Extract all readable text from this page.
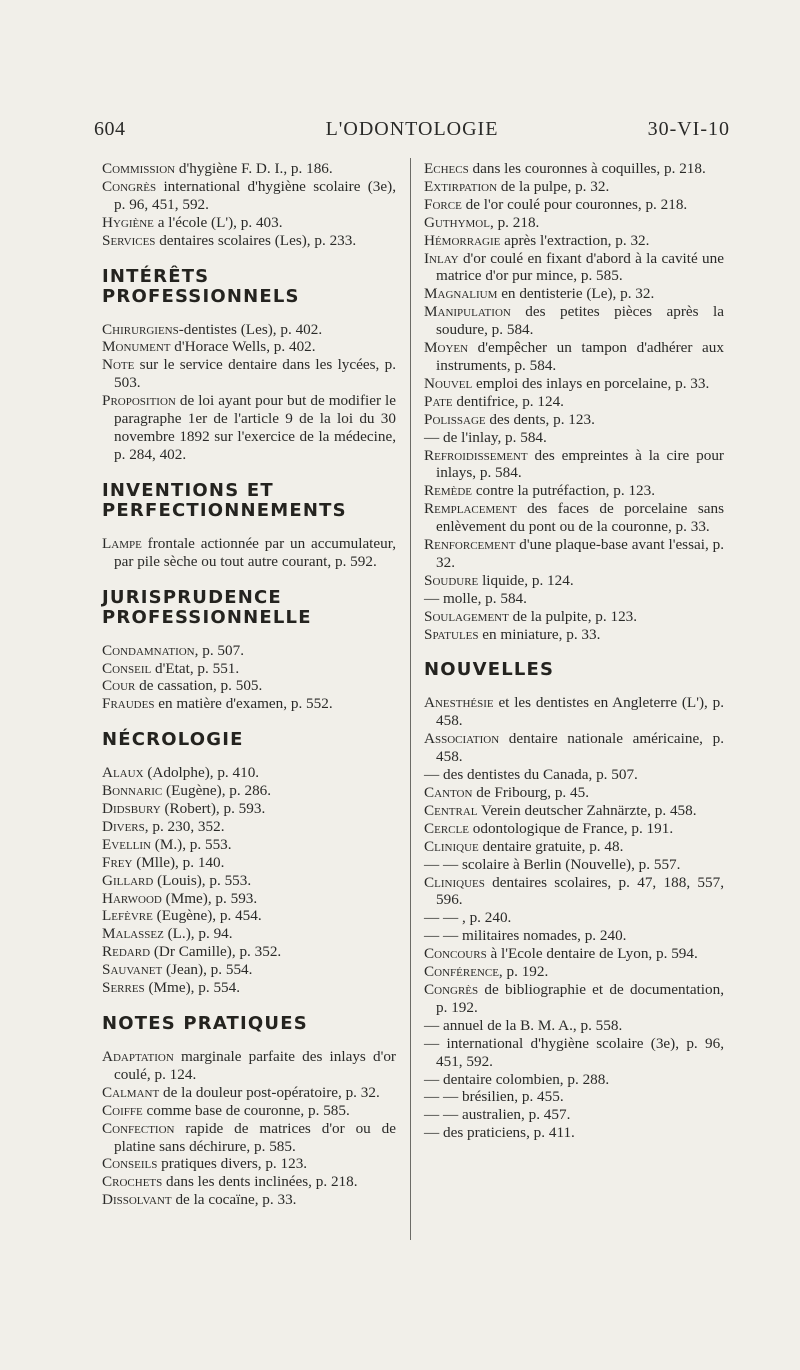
604	L'ODONTOLOGIE	30-VI-10

Commission d'hygiène F. D. I., p. 186.

Congrès international d'hygiène scolaire (3e), p. 96, 451, 592.

Hygiène a l'école (L'), p. 403.

Services dentaires scolaires (Les), p. 233.

INTÉRÊTS PROFESSIONNELS

Chirurgiens-dentistes (Les), p. 402.

Monument d'Horace Wells, p. 402.

Note sur le service dentaire dans les lycées, p. 503.

Proposition de loi ayant pour but de modifier le paragraphe 1er de l'article 9 de la loi du 30 novembre 1892 sur l'exercice de la médecine, p. 284, 402.

INVENTIONS ET PERFECTIONNEMENTS

Lampe frontale actionnée par un accumulateur, par pile sèche ou tout autre courant, p. 592.

JURISPRUDENCE PROFESSIONNELLE

Condamnation, p. 507.

Conseil d'Etat, p. 551.

Cour de cassation, p. 505.

Fraudes en matière d'examen, p. 552.

NÉCROLOGIE

Alaux (Adolphe), p. 410.

Bonnaric (Eugène), p. 286.

Didsbury (Robert), p. 593.

Divers, p. 230, 352.

Evellin (M.), p. 553.

Frey (Mlle), p. 140.

Gillard (Louis), p. 553.

Harwood (Mme), p. 593.

Lefèvre (Eugène), p. 454.

Malassez (L.), p. 94.

Redard (Dr Camille), p. 352.

Sauvanet (Jean), p. 554.

Serres (Mme), p. 554.

NOTES PRATIQUES

Adaptation marginale parfaite des inlays d'or coulé, p. 124.

Calmant de la douleur post-opératoire, p. 32.

Coiffe comme base de couronne, p. 585.

Confection rapide de matrices d'or ou de platine sans déchirure, p. 585.

Conseils pratiques divers, p. 123.

Crochets dans les dents inclinées, p. 218.

Dissolvant de la cocaïne, p. 33.

Echecs dans les couronnes à coquilles, p. 218.

Extirpation de la pulpe, p. 32.

Force de l'or coulé pour couronnes, p. 218.

Guthymol, p. 218.

Hémorragie après l'extraction, p. 32.

Inlay d'or coulé en fixant d'abord à la cavité une matrice d'or pur mince, p. 585.

Magnalium en dentisterie (Le), p. 32.

Manipulation des petites pièces après la soudure, p. 584.

Moyen d'empêcher un tampon d'adhérer aux instruments, p. 584.

Nouvel emploi des inlays en porcelaine, p. 33.

Pate dentifrice, p. 124.

Polissage des dents, p. 123.

— de l'inlay, p. 584.

Refroidissement des empreintes à la cire pour inlays, p. 584.

Remède contre la putréfaction, p. 123.

Remplacement des faces de porcelaine sans enlèvement du pont ou de la couronne, p. 33.

Renforcement d'une plaque-base avant l'essai, p. 32.

Soudure liquide, p. 124.

— molle, p. 584.

Soulagement de la pulpite, p. 123.

Spatules en miniature, p. 33.

NOUVELLES

Anesthésie et les dentistes en Angleterre (L'), p. 458.

Association dentaire nationale américaine, p. 458.

— des dentistes du Canada, p. 507.

Canton de Fribourg, p. 45.

Central Verein deutscher Zahnärzte, p. 458.

Cercle odontologique de France, p. 191.

Clinique dentaire gratuite, p. 48.

— — scolaire à Berlin (Nouvelle), p. 557.

Cliniques dentaires scolaires, p. 47, 188, 557, 596.

— — , p. 240.

— — militaires nomades, p. 240.

Concours à l'Ecole dentaire de Lyon, p. 594.

Conférence, p. 192.

Congrès de bibliographie et de documentation, p. 192.

— annuel de la B. M. A., p. 558.

— international d'hygiène scolaire (3e), p. 96, 451, 592.

— dentaire colombien, p. 288.

— — brésilien, p. 455.

— — australien, p. 457.

— des praticiens, p. 411.
